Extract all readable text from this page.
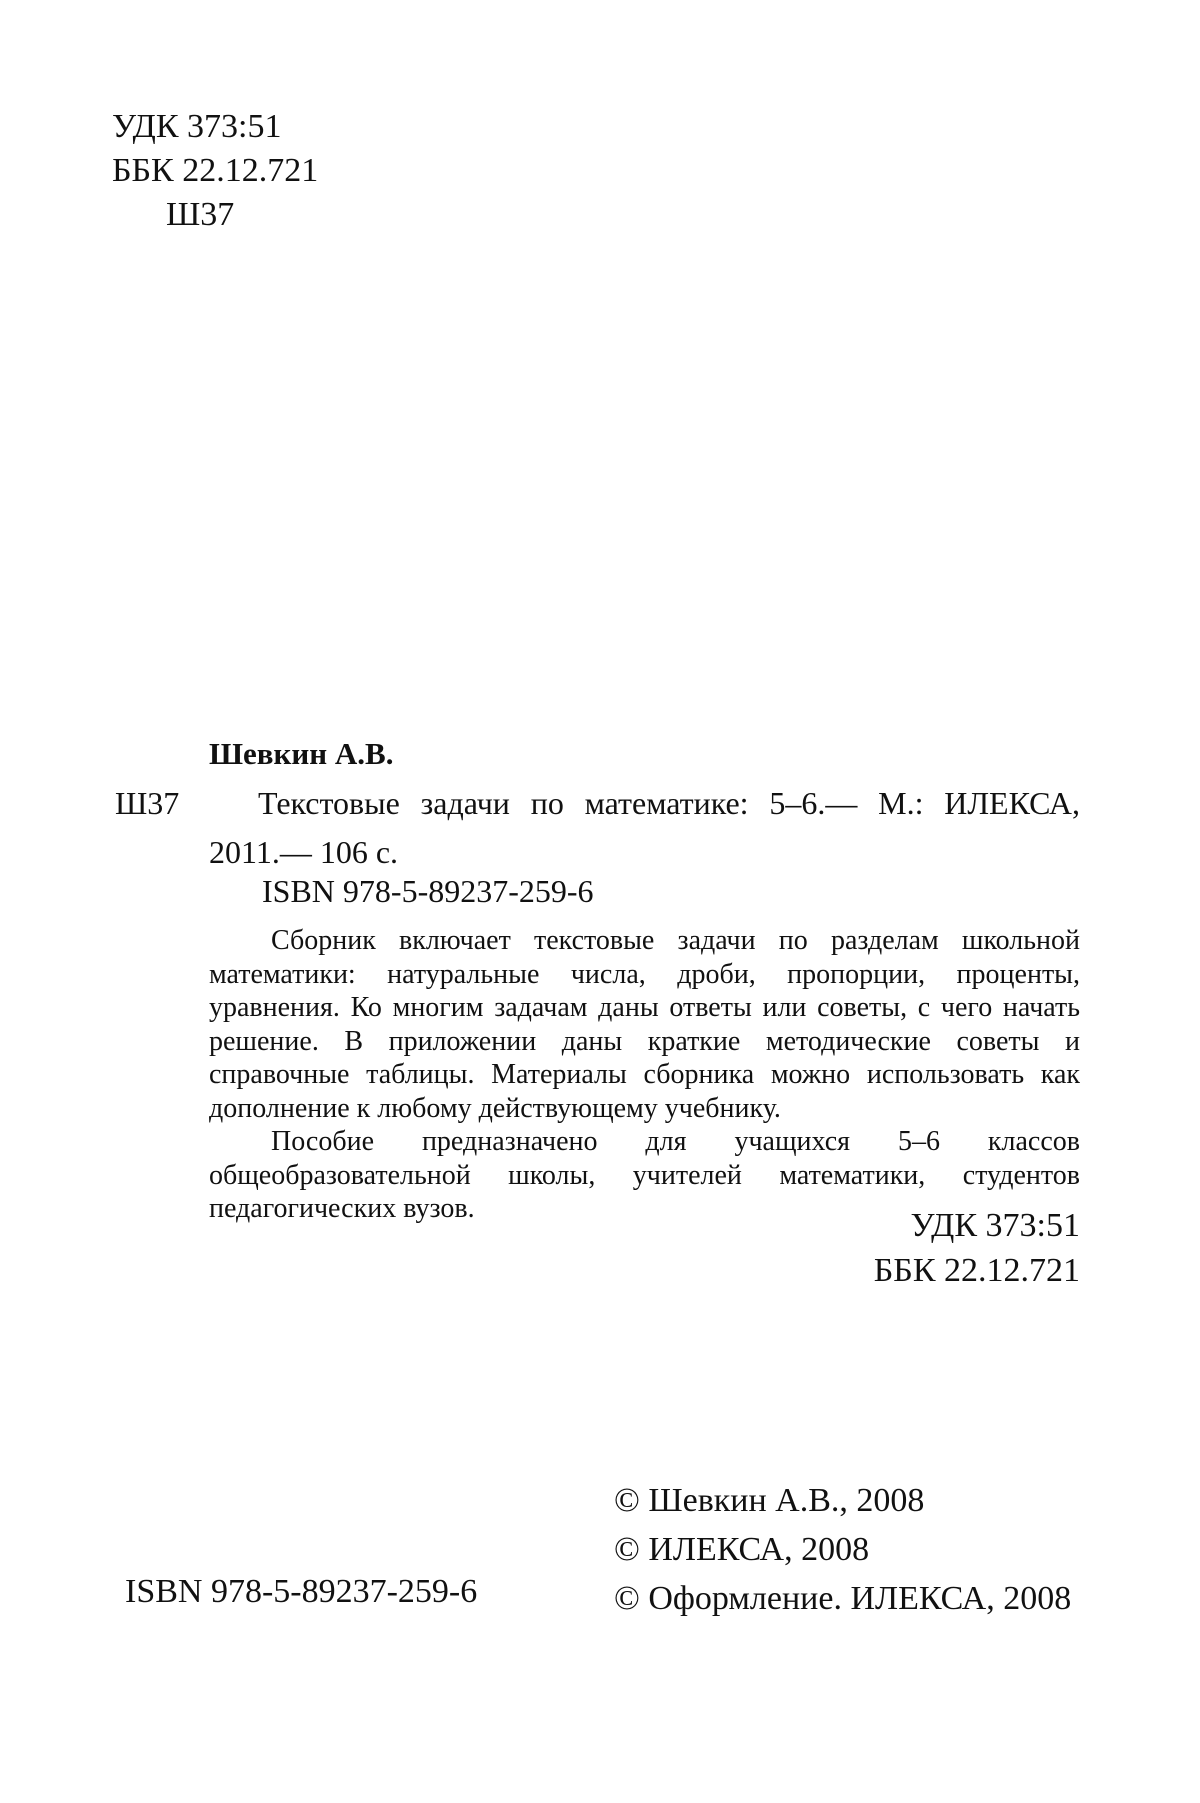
УДК 373:51
ББК 22.12.721
Ш37
Шевкин А.В.
Ш37 Текстовые задачи по математике: 5–6.— М.: ИЛЕКСА,
2011.— 106 с.
ISBN 978-5-89237-259-6

Сборник включает текстовые задачи по разделам школьной математики: натуральные числа, дроби, пропорции, проценты, уравнения. Ко многим задачам даны ответы или советы, с чего начать решение. В приложении даны краткие методические советы и справочные таблицы. Материалы сборника можно использовать как дополнение к любому действующему учебнику.

Пособие предназначено для учащихся 5–6 классов общеобразовательной школы, учителей математики, студентов педагогических вузов.	УДК 373:51
ББК 22.12.721
© Шевкин А.В., 2008
© ИЛЕКСА, 2008
© Оформление. ИЛЕКСА, 2008
ISBN 978-5-89237-259-6
